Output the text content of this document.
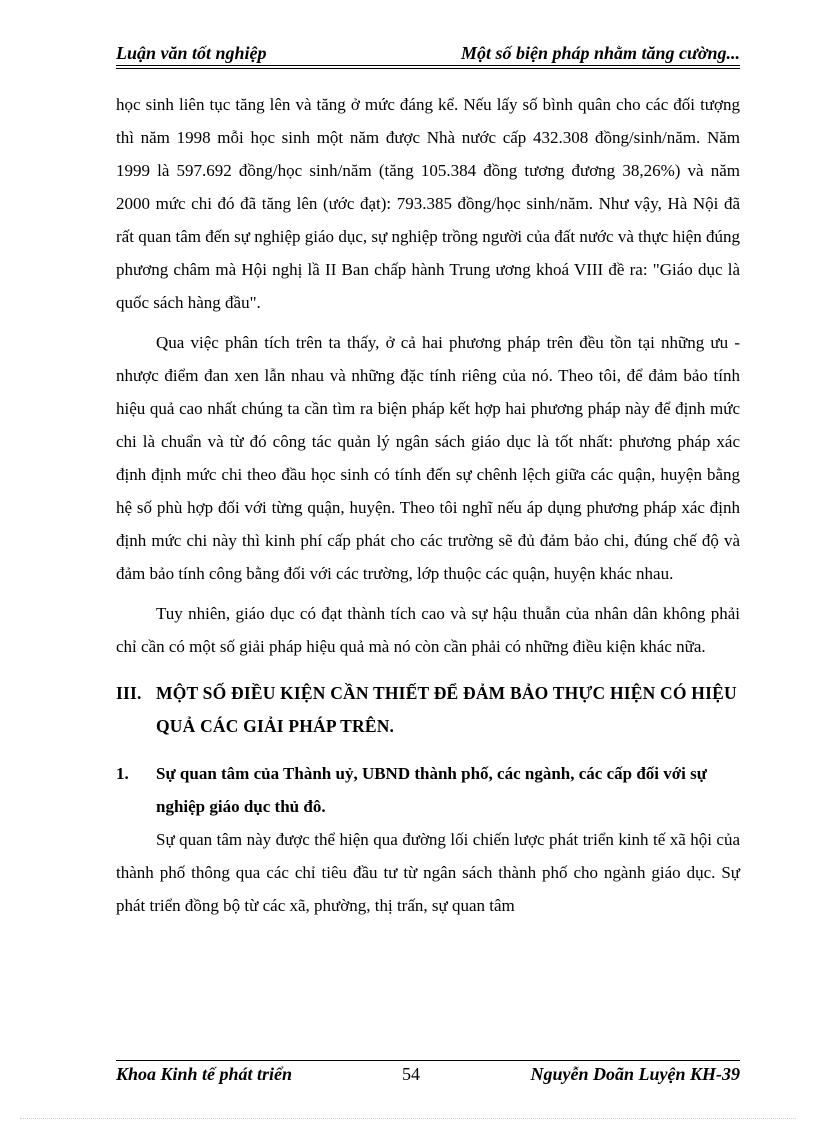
Luận văn tốt nghiệp	Một số biện pháp nhằm tăng cường...

học sinh liên tục tăng lên và tăng ở mức đáng kể. Nếu lấy số bình quân cho các đối tượng thì năm 1998 mỗi học sinh một năm được Nhà nước cấp 432.308 đồng/sinh/năm. Năm 1999 là 597.692 đồng/học sinh/năm (tăng 105.384 đồng tương đương 38,26%) và năm 2000 mức chi đó đã tăng lên (ước đạt): 793.385 đồng/học sinh/năm. Như vậy, Hà Nội đã rất quan tâm đến sự nghiệp giáo dục, sự nghiệp trồng người của đất nước và thực hiện đúng phương châm mà Hội nghị lầ II Ban chấp hành Trung ương khoá VIII đề ra: "Giáo dục là quốc sách hàng đầu".

Qua việc phân tích trên ta thấy, ở cả hai phương pháp trên đều tồn tại những ưu - nhược điểm đan xen lẫn nhau và những đặc tính riêng của nó. Theo tôi, để đảm bảo tính hiệu quả cao nhất chúng ta cần tìm ra biện pháp kết hợp hai phương pháp này để định mức chi là chuẩn và từ đó công tác quản lý ngân sách giáo dục là tốt nhất: phương pháp xác định định mức chi theo đầu học sinh có tính đến sự chênh lệch giữa các quận, huyện bằng hệ số phù hợp đối với từng quận, huyện. Theo tôi nghĩ nếu áp dụng phương pháp xác định định mức chi này thì kinh phí cấp phát cho các trường sẽ đủ đảm bảo chi, đúng chế độ và đảm bảo tính công bằng đối với các trường, lớp thuộc các quận, huyện khác nhau.

Tuy nhiên, giáo dục có đạt thành tích cao và sự hậu thuẫn của nhân dân không phải chỉ cần có một số giải pháp hiệu quả mà nó còn cần phải có những điều kiện khác nữa.

III. MỘT SỐ ĐIỀU KIỆN CẦN THIẾT ĐỂ ĐẢM BẢO THỰC HIỆN CÓ HIỆU QUẢ CÁC GIẢI PHÁP TRÊN.
1.	Sự quan tâm của Thành uỷ, UBND thành phố, các ngành, các cấp đối với sự nghiệp giáo dục thủ đô.

Sự quan tâm này được thể hiện qua đường lối chiến lược phát triển kinh tế xã hội của thành phố thông qua các chỉ tiêu đầu tư từ ngân sách thành phố cho ngành giáo dục. Sự phát triển đồng bộ từ các xã, phường, thị trấn, sự quan tâm

Khoa Kinh tế phát triển	54	Nguyễn Doãn Luyện KH-39
